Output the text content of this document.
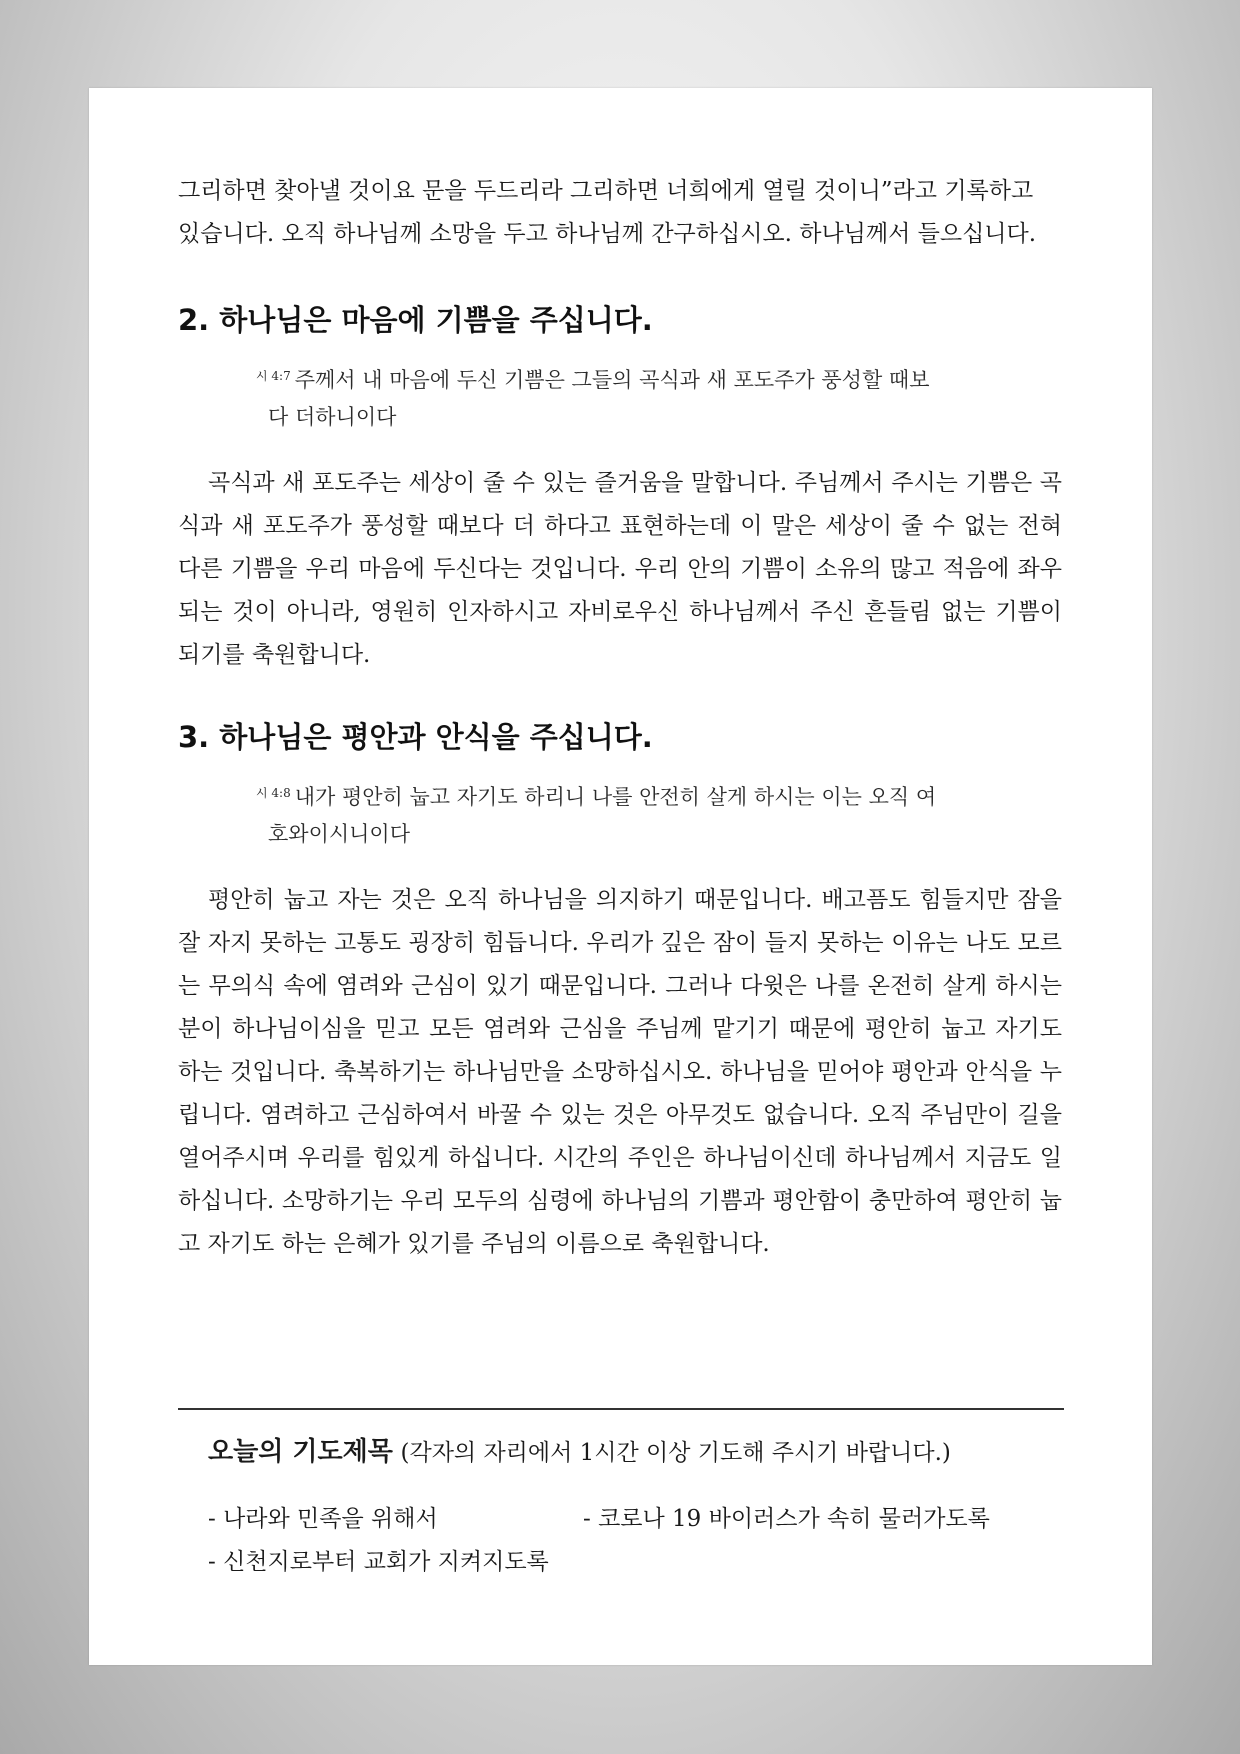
그리하면 찾아낼 것이요 문을 두드리라 그리하면 너희에게 열릴 것이니”라고 기록하고
있습니다. 오직 하나님께 소망을 두고 하나님께 간구하십시오. 하나님께서 들으십니다.

2. 하나님은 마음에 기쁨을 주십니다.
$^{시 4:7}$ 주께서 내 마음에 두신 기쁨은 그들의 곡식과 새 포도주가 풍성할 때보
다 더하니이다

곡식과 새 포도주는 세상이 줄 수 있는 즐거움을 말합니다. 주님께서 주시는 기쁨은 곡식과 새 포도주가 풍성할 때보다 더 하다고 표현하는데 이 말은 세상이 줄 수 없는 전혀 다른 기쁨을 우리 마음에 두신다는 것입니다. 우리 안의 기쁨이 소유의 많고 적음에 좌우되는 것이 아니라, 영원히 인자하시고 자비로우신 하나님께서 주신 흔들림 없는 기쁨이 되기를 축원합니다.

3. 하나님은 평안과 안식을 주십니다.
$^{시 4:8}$ 내가 평안히 눕고 자기도 하리니 나를 안전히 살게 하시는 이는 오직 여
호와이시니이다

평안히 눕고 자는 것은 오직 하나님을 의지하기 때문입니다. 배고픔도 힘들지만 잠을 잘 자지 못하는 고통도 굉장히 힘듭니다. 우리가 깊은 잠이 들지 못하는 이유는 나도 모르는 무의식 속에 염려와 근심이 있기 때문입니다. 그러나 다윗은 나를 온전히 살게 하시는 분이 하나님이심을 믿고 모든 염려와 근심을 주님께 맡기기 때문에 평안히 눕고 자기도 하는 것입니다. 축복하기는 하나님만을 소망하십시오. 하나님을 믿어야 평안과 안식을 누립니다. 염려하고 근심하여서 바꿀 수 있는 것은 아무것도 없습니다. 오직 주님만이 길을 열어주시며 우리를 힘있게 하십니다. 시간의 주인은 하나님이신데 하나님께서 지금도 일하십니다. 소망하기는 우리 모두의 심령에 하나님의 기쁨과 평안함이 충만하여 평안히 눕고 자기도 하는 은혜가 있기를 주님의 이름으로 축원합니다.

오늘의 기도제목 (각자의 자리에서 1시간 이상 기도해 주시기 바랍니다.)
- 나라와 민족을 위해서	- 코로나 19 바이러스가 속히 물러가도록
- 신천지로부터 교회가 지켜지도록
